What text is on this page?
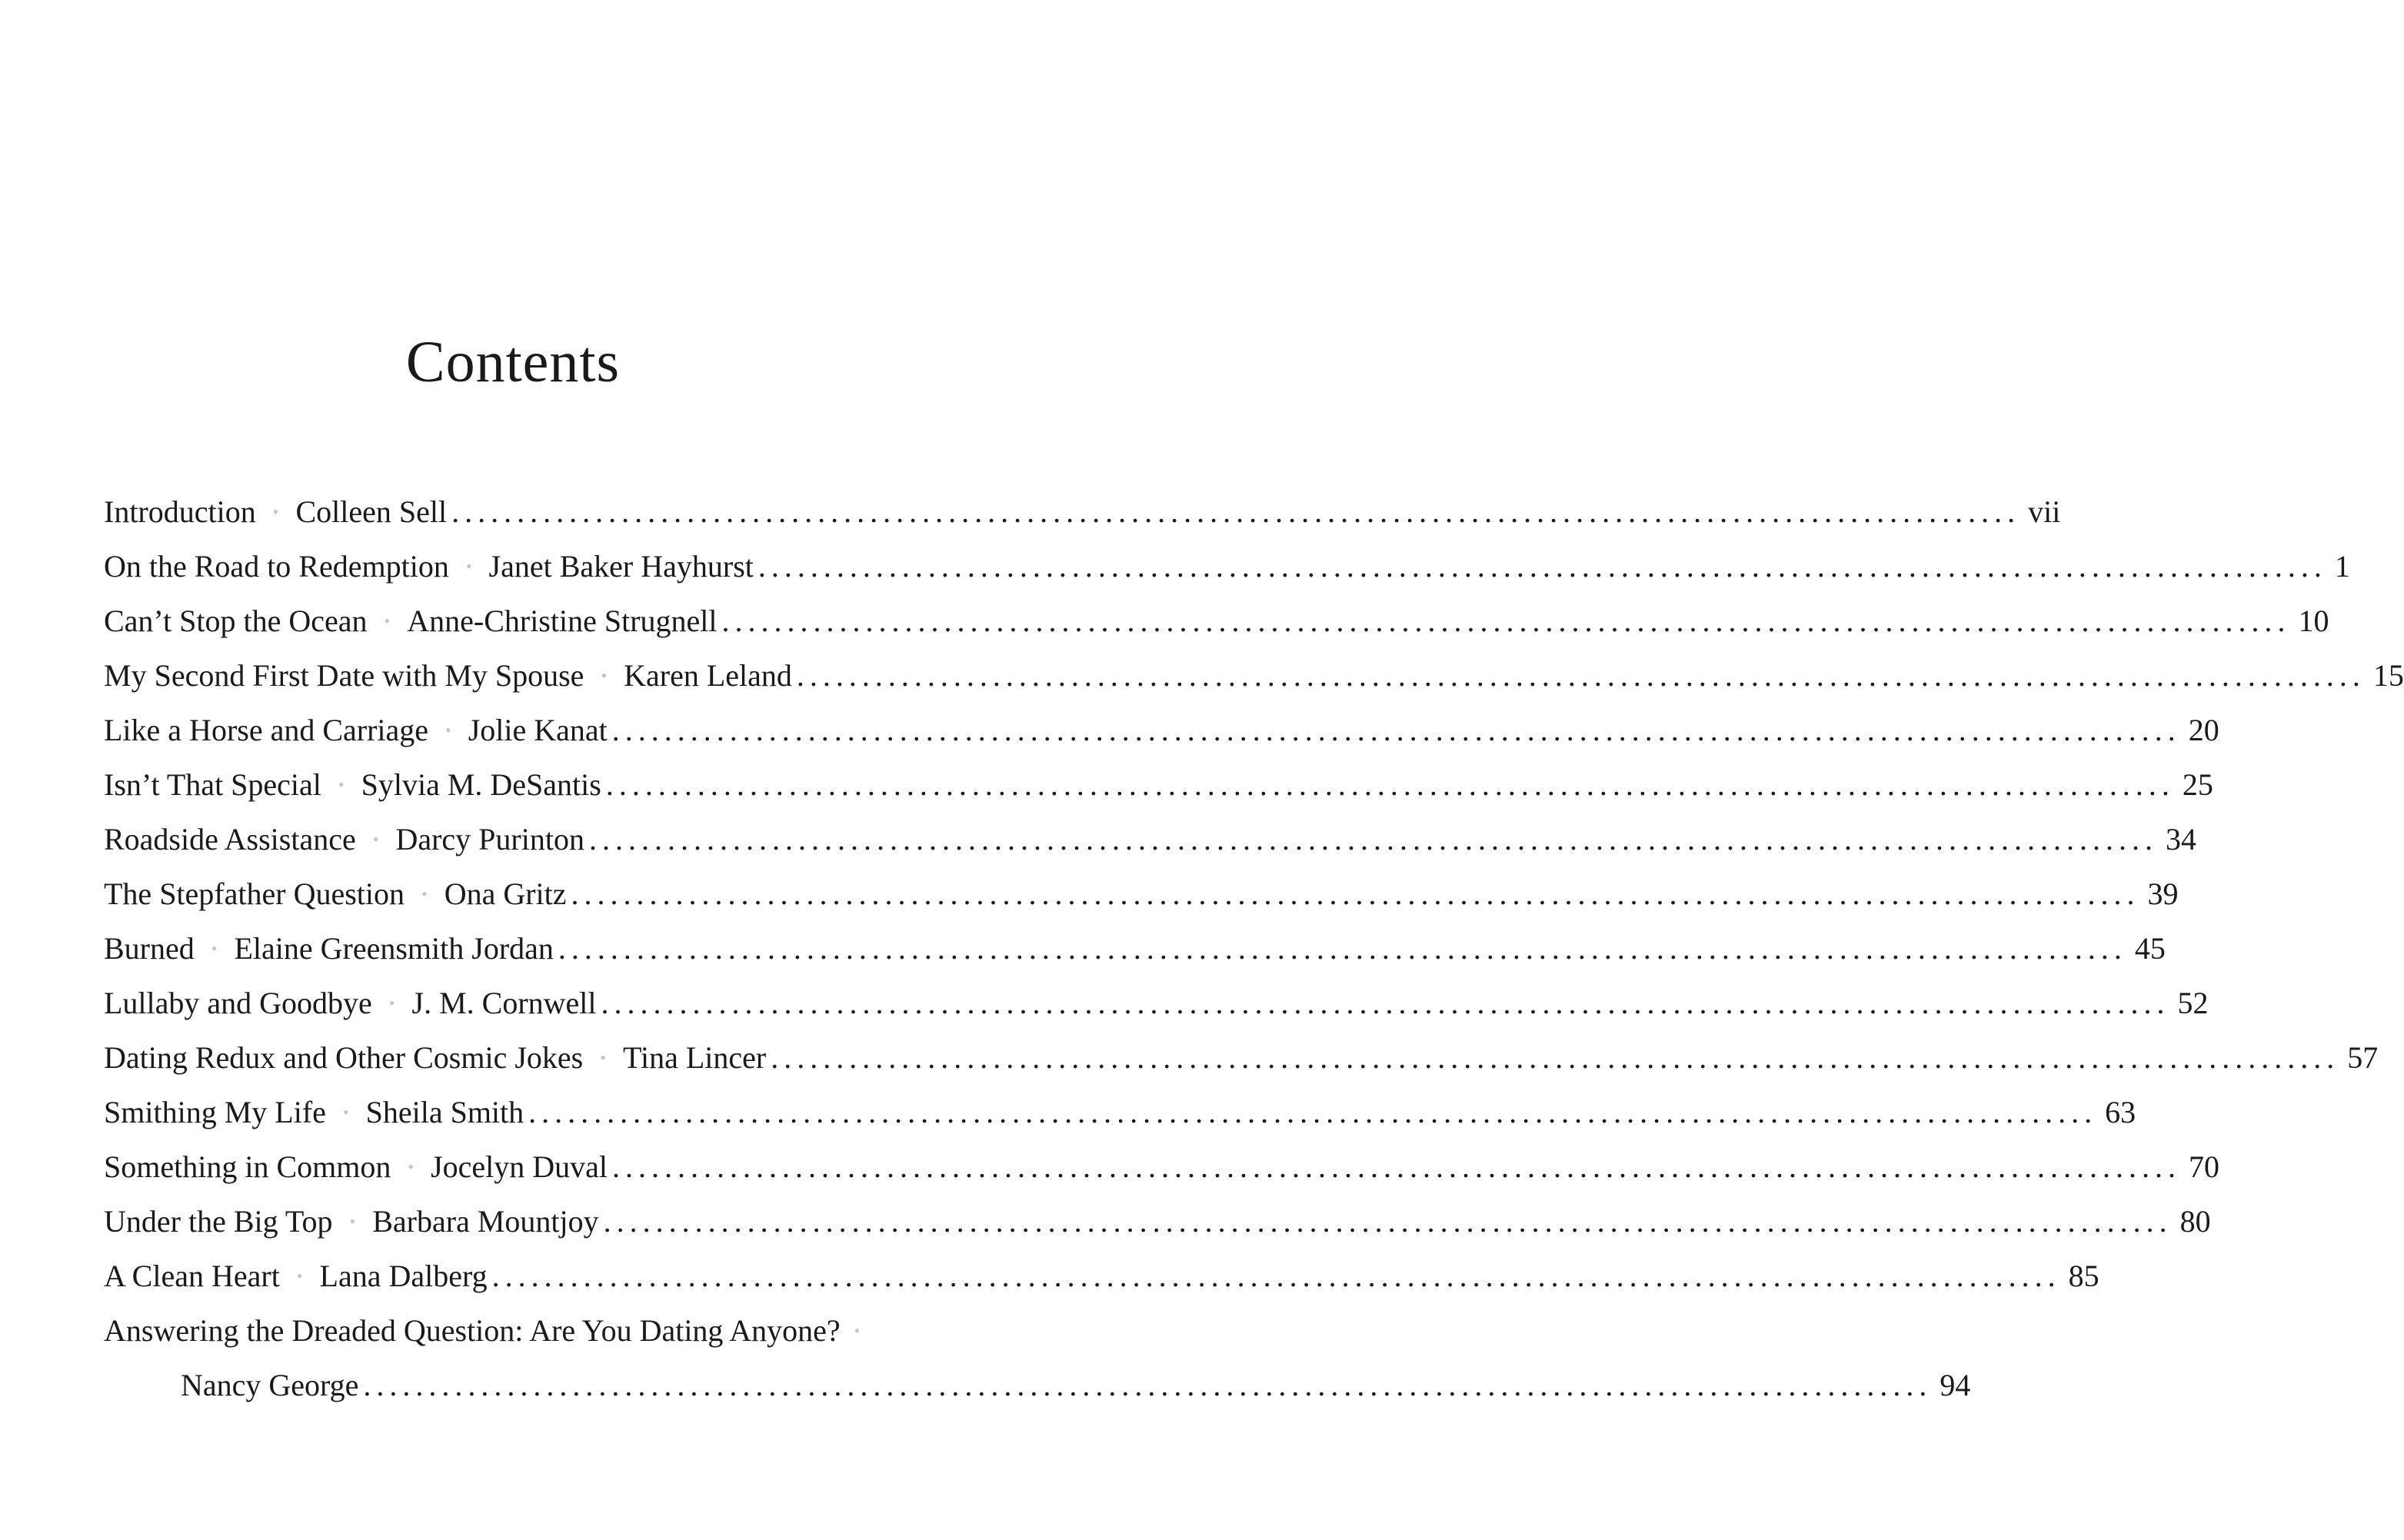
Contents
Introduction • Colleen Sell ........................................................................................................................ vii
On the Road to Redemption • Janet Baker Hayhurst ........................................................................................................................ 1
Can’t Stop the Ocean • Anne-Christine Strugnell ........................................................................................................................ 10
My Second First Date with My Spouse • Karen Leland ........................................................................................................................ 15
Like a Horse and Carriage • Jolie Kanat ........................................................................................................................ 20
Isn’t That Special • Sylvia M. DeSantis ........................................................................................................................ 25
Roadside Assistance • Darcy Purinton ........................................................................................................................ 34
The Stepfather Question • Ona Gritz ........................................................................................................................ 39
Burned • Elaine Greensmith Jordan ........................................................................................................................ 45
Lullaby and Goodbye • J. M. Cornwell ........................................................................................................................ 52
Dating Redux and Other Cosmic Jokes • Tina Lincer ........................................................................................................................ 57
Smithing My Life • Sheila Smith ........................................................................................................................ 63
Something in Common • Jocelyn Duval ........................................................................................................................ 70
Under the Big Top • Barbara Mountjoy ........................................................................................................................ 80
A Clean Heart • Lana Dalberg ........................................................................................................................ 85
Answering the Dreaded Question: Are You Dating Anyone? •
Nancy George ........................................................................................................................ 94
